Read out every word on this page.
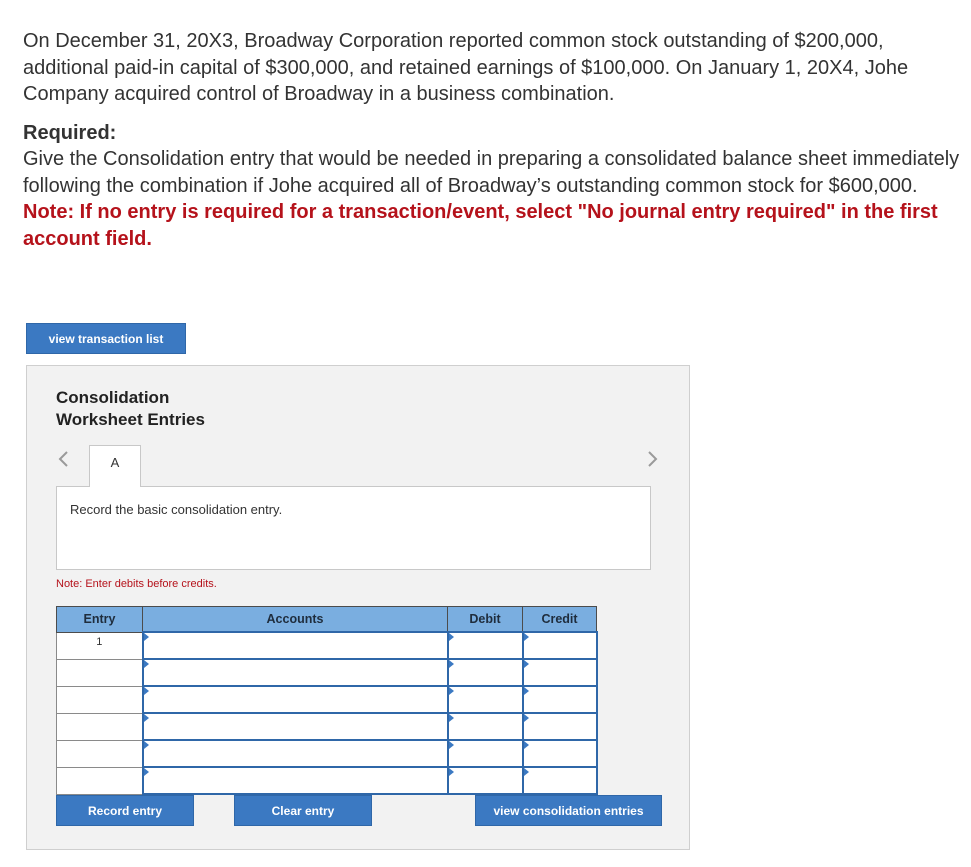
On December 31, 20X3, Broadway Corporation reported common stock outstanding of $200,000, additional paid-in capital of $300,000, and retained earnings of $100,000. On January 1, 20X4, Johe Company acquired control of Broadway in a business combination.

Required:

Give the Consolidation entry that would be needed in preparing a consolidated balance sheet immediately following the combination if Johe acquired all of Broadway’s outstanding common stock for $600,000.

Note: If no entry is required for a transaction/event, select "No journal entry required" in the first account field.

view transaction list
Consolidation
Worksheet Entries
A
Record the basic consolidation entry.
Note: Enter debits before credits.
Entry	Accounts	Debit	Credit
1			

Record entry	Clear entry	view consolidation entries
